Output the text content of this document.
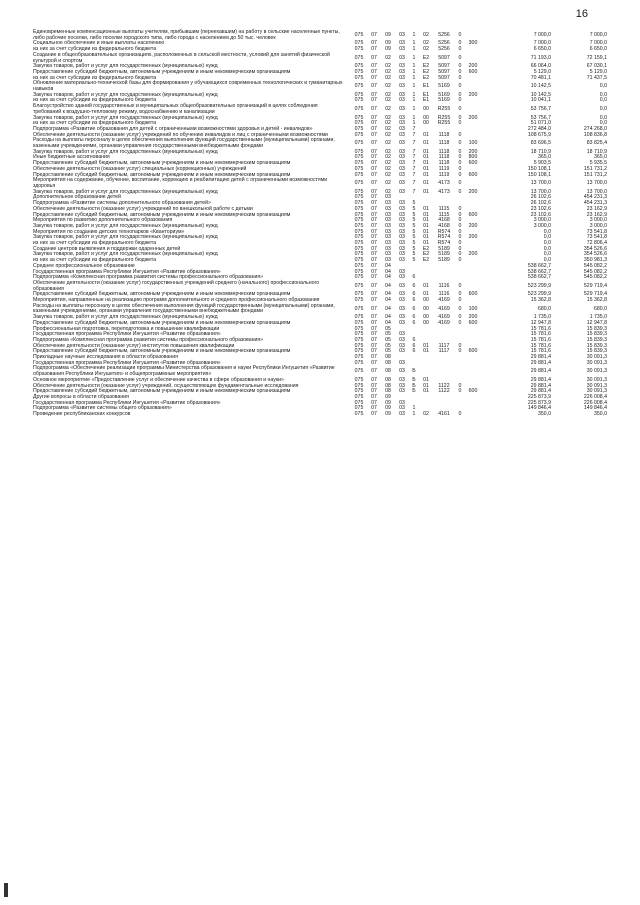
16
Единовременные компенсационные выплаты учителям, прибывшим (переехавшим) на работу в сельские населенные пункты, либо рабочие поселки, либо поселки городского типа, либо города с населением до 50 тыс. человек	075	07	09	03	1	02	5256	0		7 000,0	7 000,0
Социальное обеспечение и иные выплаты населению	075	07	09	03	1	02	5256	0	300	7 000,0	7 000,0
из них за счет субсидии из федерального бюджета	075	07	09	03	1	02	5256	0		6 650,0	6 650,0
Создание в общеобразовательных организациях, расположенных в сельской местности, условий для занятий физической культурой и спортом	075	07	02	03	1	E2	5097	0		71 193,0	72 159,1
Закупка товаров, работ и услуг для государственных (муниципальных) нужд	075	07	02	03	1	E2	5097	0	200	66 064,0	67 030,1
Предоставление субсидий бюджетным, автономным учреждениям и иным некоммерческим организациям	075	07	02	03	1	E2	5097	0	600	5 129,0	5 129,0
из них за счет субсидии из федерального бюджета	075	07	02	03	1	E2	5097	0		70 481,1	71 437,5
Обновление материально-технической базы для формирования у обучающихся современных технологических и гуманитарных навыков	075	07	02	03	1	E1	5169	0		10 142,5	0,0
Закупка товаров, работ и услуг для государственных (муниципальных) нужд	075	07	02	03	1	E1	5169	0	200	10 142,5	0,0
из них за счет субсидии из федерального бюджета	075	07	02	03	1	E1	5169	0		10 041,1	0,0
Благоустройство зданий государственных и муниципальных общеобразовательных организаций в целях соблюдения требований к воздушно-тепловому режиму, водоснабжению и канализации	075	07	02	03	1	00	R255	0		53 756,7	0,0
Закупка товаров, работ и услуг для государственных (муниципальных) нужд	075	07	02	03	1	00	R255	0	200	53 756,7	0,0
из них за счет субсидии из федерального бюджета	075	07	02	03	1	00	R255	0		51 071,0	0,0
Подпрограмма «Развитие образования для детей с ограниченными возможностями здоровья и детей - инвалидов»	075	07	02	03	7					272 484,0	274 268,0
Обеспечение деятельности (оказание услуг) учреждений по обучению инвалидов и лиц с ограниченными возможностями	075	07	02	03	7	01	1118	0		108 675,9	108 836,8
Расходы на выплаты персоналу в целях обеспечения выполнения функций государственными (муниципальными) органами, казенными учреждениями, органами управления государственными внебюджетными фондами	075	07	02	03	7	01	1118	0	100	83 696,5	83 825,4
Закупка товаров, работ и услуг для государственных (муниципальных) нужд	075	07	02	03	7	01	1118	0	200	18 710,9	18 710,9
Иные бюджетные ассигнования	075	07	02	03	7	01	1118	0	800	365,0	365,0
Предоставление субсидий бюджетным, автономным учреждениям и иным некоммерческим организациям	075	07	02	03	7	01	1118	0	600	5 903,5	5 935,5
Обеспечение деятельности (оказание услуг) специальных (коррекционных) учреждений	075	07	02	03	7	01	1119	0		150 108,1	151 731,2
Предоставление субсидий бюджетным, автономным учреждениям и иным некоммерческим организациям	075	07	02	03	7	01	1119	0	600	150 108,1	151 731,2
Мероприятия на содержание, обучение, воспитание, коррекцию и реабилитацию детей с ограниченными возможностями здоровья	075	07	02	03	7	01	4173	0		13 700,0	13 700,0
Закупка товаров, работ и услуг для государственных (муниципальных) нужд	075	07	02	03	7	01	4173	0	200	13 700,0	13 700,0
Дополнительное образование детей	075	07	03							26 102,6	454 231,3
Подпрограмма «Развитие системы дополнительного образования детей»	075	07	03	03	5					26 102,6	454 231,3
Обеспечение деятельности (оказание услуг) учреждений по внешкольной работе с детьми	075	07	03	03	5	01	1115	0		23 102,6	23 162,9
Предоставление субсидий бюджетным, автономным учреждениям и иным некоммерческим организациям	075	07	03	03	5	01	1115	0	600	23 102,6	23 162,9
Мероприятия по развитию дополнительного образования	075	07	03	03	5	01	4168	0		3 000,0	3 000,0
Закупка товаров, работ и услуг для государственных (муниципальных) нужд	075	07	03	03	5	01	4168	0	200	3 000,0	3 000,0
Мероприятия по созданию детских технопарков «Кванториум»	075	07	03	03	5	01	R574	0		0,0	73 541,8
Закупка товаров, работ и услуг для государственных (муниципальных) нужд	075	07	03	03	5	01	R574	0	200	0,0	73 541,8
из них за счет субсидии из федерального бюджета	075	07	03	03	5	01	R574	0		0,0	72 806,4
Создание центров выявления и поддержки одаренных детей	075	07	03	03	5	E2	5189	0		0,0	354 526,6
Закупка товаров, работ и услуг для государственных (муниципальных) нужд	075	07	03	03	5	E2	5189	0	200	0,0	354 526,6
из них за счет субсидии из федерального бюджета	075	07	03	03	5	E2	5189	0		0,0	350 981,3
Среднее профессиональное образование	075	07	04							538 662,7	545 082,2
Государственная программа Республики Ингушетия «Развитие образования»	075	07	04	03						538 662,7	545 082,2
Подпрограмма «Комплексная программа развития системы профессионального образования»	075	07	04	03	6					538 662,7	545 082,2
Обеспечение деятельности (оказание услуг) государственных учреждений среднего (начального) профессионального образования	075	07	04	03	6	01	1116	0		523 299,9	529 719,4
Предоставление субсидий бюджетным, автономным учреждениям и иным некоммерческим организациям	075	07	04	03	6	01	1116	0	600	523 299,9	529 719,4
Мероприятия, направленные на реализацию программ дополнительного и среднего профессионального образования	075	07	04	03	6	00	4169	0		15 362,8	15 362,8
Расходы на выплаты персоналу в целях обеспечения выполнения функций государственными (муниципальными) органами, казенными учреждениями, органами управления государственными внебюджетными фондами	075	07	04	03	6	00	4169	0	100	680,0	680,0
Закупка товаров, работ и услуг для государственных (муниципальных) нужд	075	07	04	03	6	00	4169	0	200	1 735,0	1 735,0
Предоставление субсидий бюджетным, автономным учреждениям и иным некоммерческим организациям	075	07	04	03	6	00	4169	0	600	12 947,8	12 947,8
Профессиональная подготовка, переподготовка и повышение квалификации	075	07	05							15 781,6	15 839,3
Государственная программа Республики Ингушетия «Развитие образования»	075	07	05	03						15 781,6	15 839,3
Подпрограмма «Комплексная программа развития системы профессионального образования»	075	07	05	03	6					15 781,6	15 839,3
Обеспечение деятельности (оказание услуг) институтов повышения квалификации	075	07	05	03	6	01	1117	0		15 781,6	15 839,3
Предоставление субсидий бюджетным, автономным учреждениям и иным некоммерческим организациям	075	07	05	03	6	01	1117	0	600	15 781,6	15 839,3
Прикладные научные исследования в области образования	075	07	08							29 881,4	30 091,3
Государственная программа Республики Ингушетия «Развитие образования»	075	07	08	03						29 881,4	30 091,3
Подпрограмма «Обеспечение реализации программы Министерства образования и науки Республики Ингушетия «Развитие образования Республики Ингушетия» и общепрограммные мероприятия»	075	07	08	03	Б					29 881,4	30 091,3
Основное мероприятие «Предоставление услуг и обеспечение качества в сфере образования и науки»	075	07	08	03	Б	01				29 881,4	30 091,3
Обеспечение деятельности (оказание услуг) учреждений, осуществляющих фундаментальные исследования	075	07	08	03	Б	01	1122	0		29 881,4	30 091,3
Предоставление субсидий бюджетным, автономным учреждениям и иным некоммерческим организациям	075	07	08	03	Б	01	1122	0	600	29 881,4	30 091,3
Другие вопросы в области образования	075	07	09							225 873,9	226 008,4
Государственная программа Республики Ингушетия «Развитие образования»	075	07	09	03						225 873,9	226 008,4
Подпрограмма «Развитие системы общего образования»	075	07	09	03	1					149 846,4	149 846,4
Проведение республиканских конкурсов	075	07	09	03	1	02	4161	0		350,0	350,0
